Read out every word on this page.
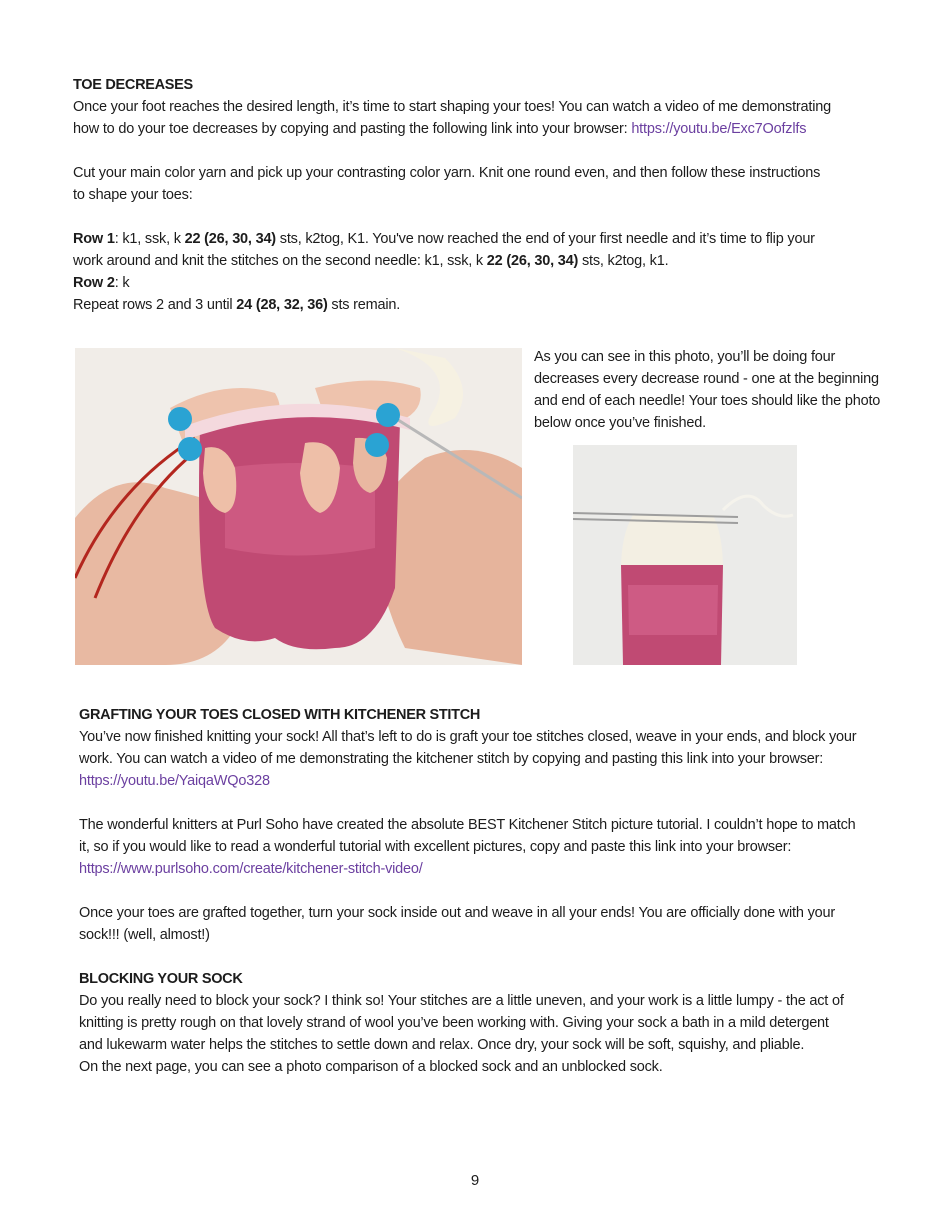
TOE DECREASES

Once your foot reaches the desired length, it’s time to start shaping your toes! You can watch a video of me demonstrating

how to do your toe decreases by copying and pasting the following link into your browser: https://youtu.be/Exc7Oofzlfs

Cut your main color yarn and pick up your contrasting color yarn. Knit one round even, and then follow these instructions

to shape your toes:

Row 1: k1, ssk, k 22 (26, 30, 34) sts, k2tog, K1. You've now reached the end of your first needle and it’s time to flip your

work around and knit the stitches on the second needle: k1, ssk, k 22 (26, 30, 34) sts, k2tog, k1.

Row 2: k

Repeat rows 2 and 3 until 24 (28, 32, 36) sts remain.

As you can see in this photo, you’ll be doing four

decreases every decrease round - one at the beginning

and end of each needle! Your toes should like the photo

below once you’ve finished.

GRAFTING YOUR TOES CLOSED WITH KITCHENER STITCH

You’ve now finished knitting your sock! All that’s left to do is graft your toe stitches closed, weave in your ends, and block your

work. You can watch a video of me demonstrating the kitchener stitch by copying and pasting this link into your browser:

https://youtu.be/YaiqaWQo328

The wonderful knitters at Purl Soho have created the absolute BEST Kitchener Stitch picture tutorial. I couldn’t hope to match

it, so if you would like to read a wonderful tutorial with excellent pictures, copy and paste this link into your browser:

https://www.purlsoho.com/create/kitchener-stitch-video/

Once your toes are grafted together, turn your sock inside out and weave in all your ends! You are officially done with your

sock!!! (well, almost!)

BLOCKING YOUR SOCK

Do you really need to block your sock? I think so! Your stitches are a little uneven, and your work is a little lumpy - the act of

knitting is pretty rough on that lovely strand of wool you’ve been working with. Giving your sock a bath in a mild detergent

and lukewarm water helps the stitches to settle down and relax. Once dry, your sock will be soft, squishy, and pliable.

On the next page, you can see a photo comparison of a blocked sock and an unblocked sock.

9
